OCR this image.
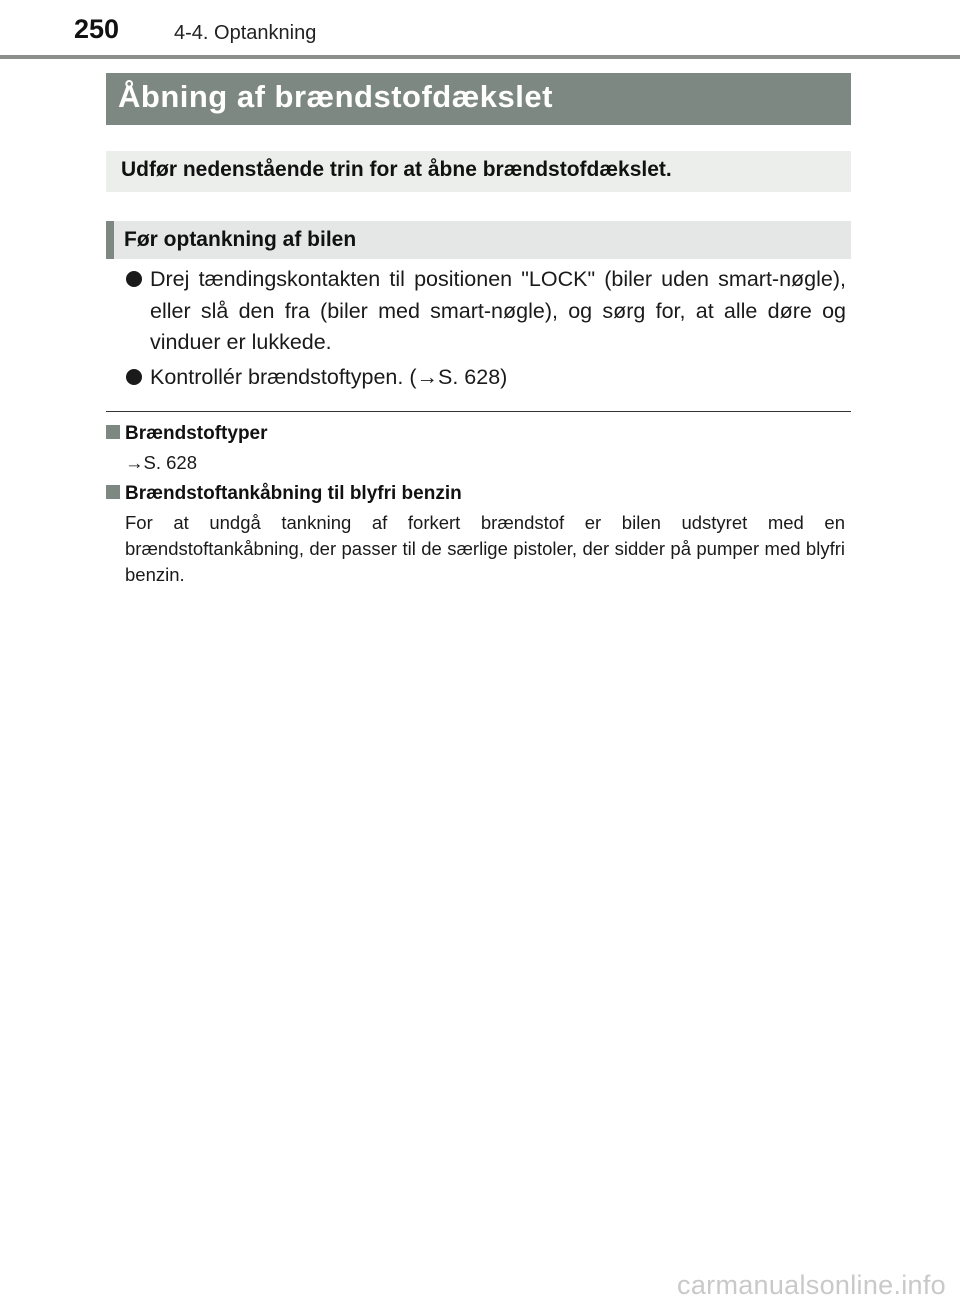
250	4-4. Optankning
Åbning af brændstofdækslet
Udfør nedenstående trin for at åbne brændstofdækslet.
Før optankning af bilen
Drej tændingskontakten til positionen "LOCK" (biler uden smart-nøgle), eller slå den fra (biler med smart-nøgle), og sørg for, at alle døre og vinduer er lukkede.
Kontrollér brændstoftypen. (→S. 628)
Brændstoftyper
→S. 628
Brændstoftankåbning til blyfri benzin
For at undgå tankning af forkert brændstof er bilen udstyret med en brændstoftankåbning, der passer til de særlige pistoler, der sidder på pumper med blyfri benzin.
carmanualsonline.info
